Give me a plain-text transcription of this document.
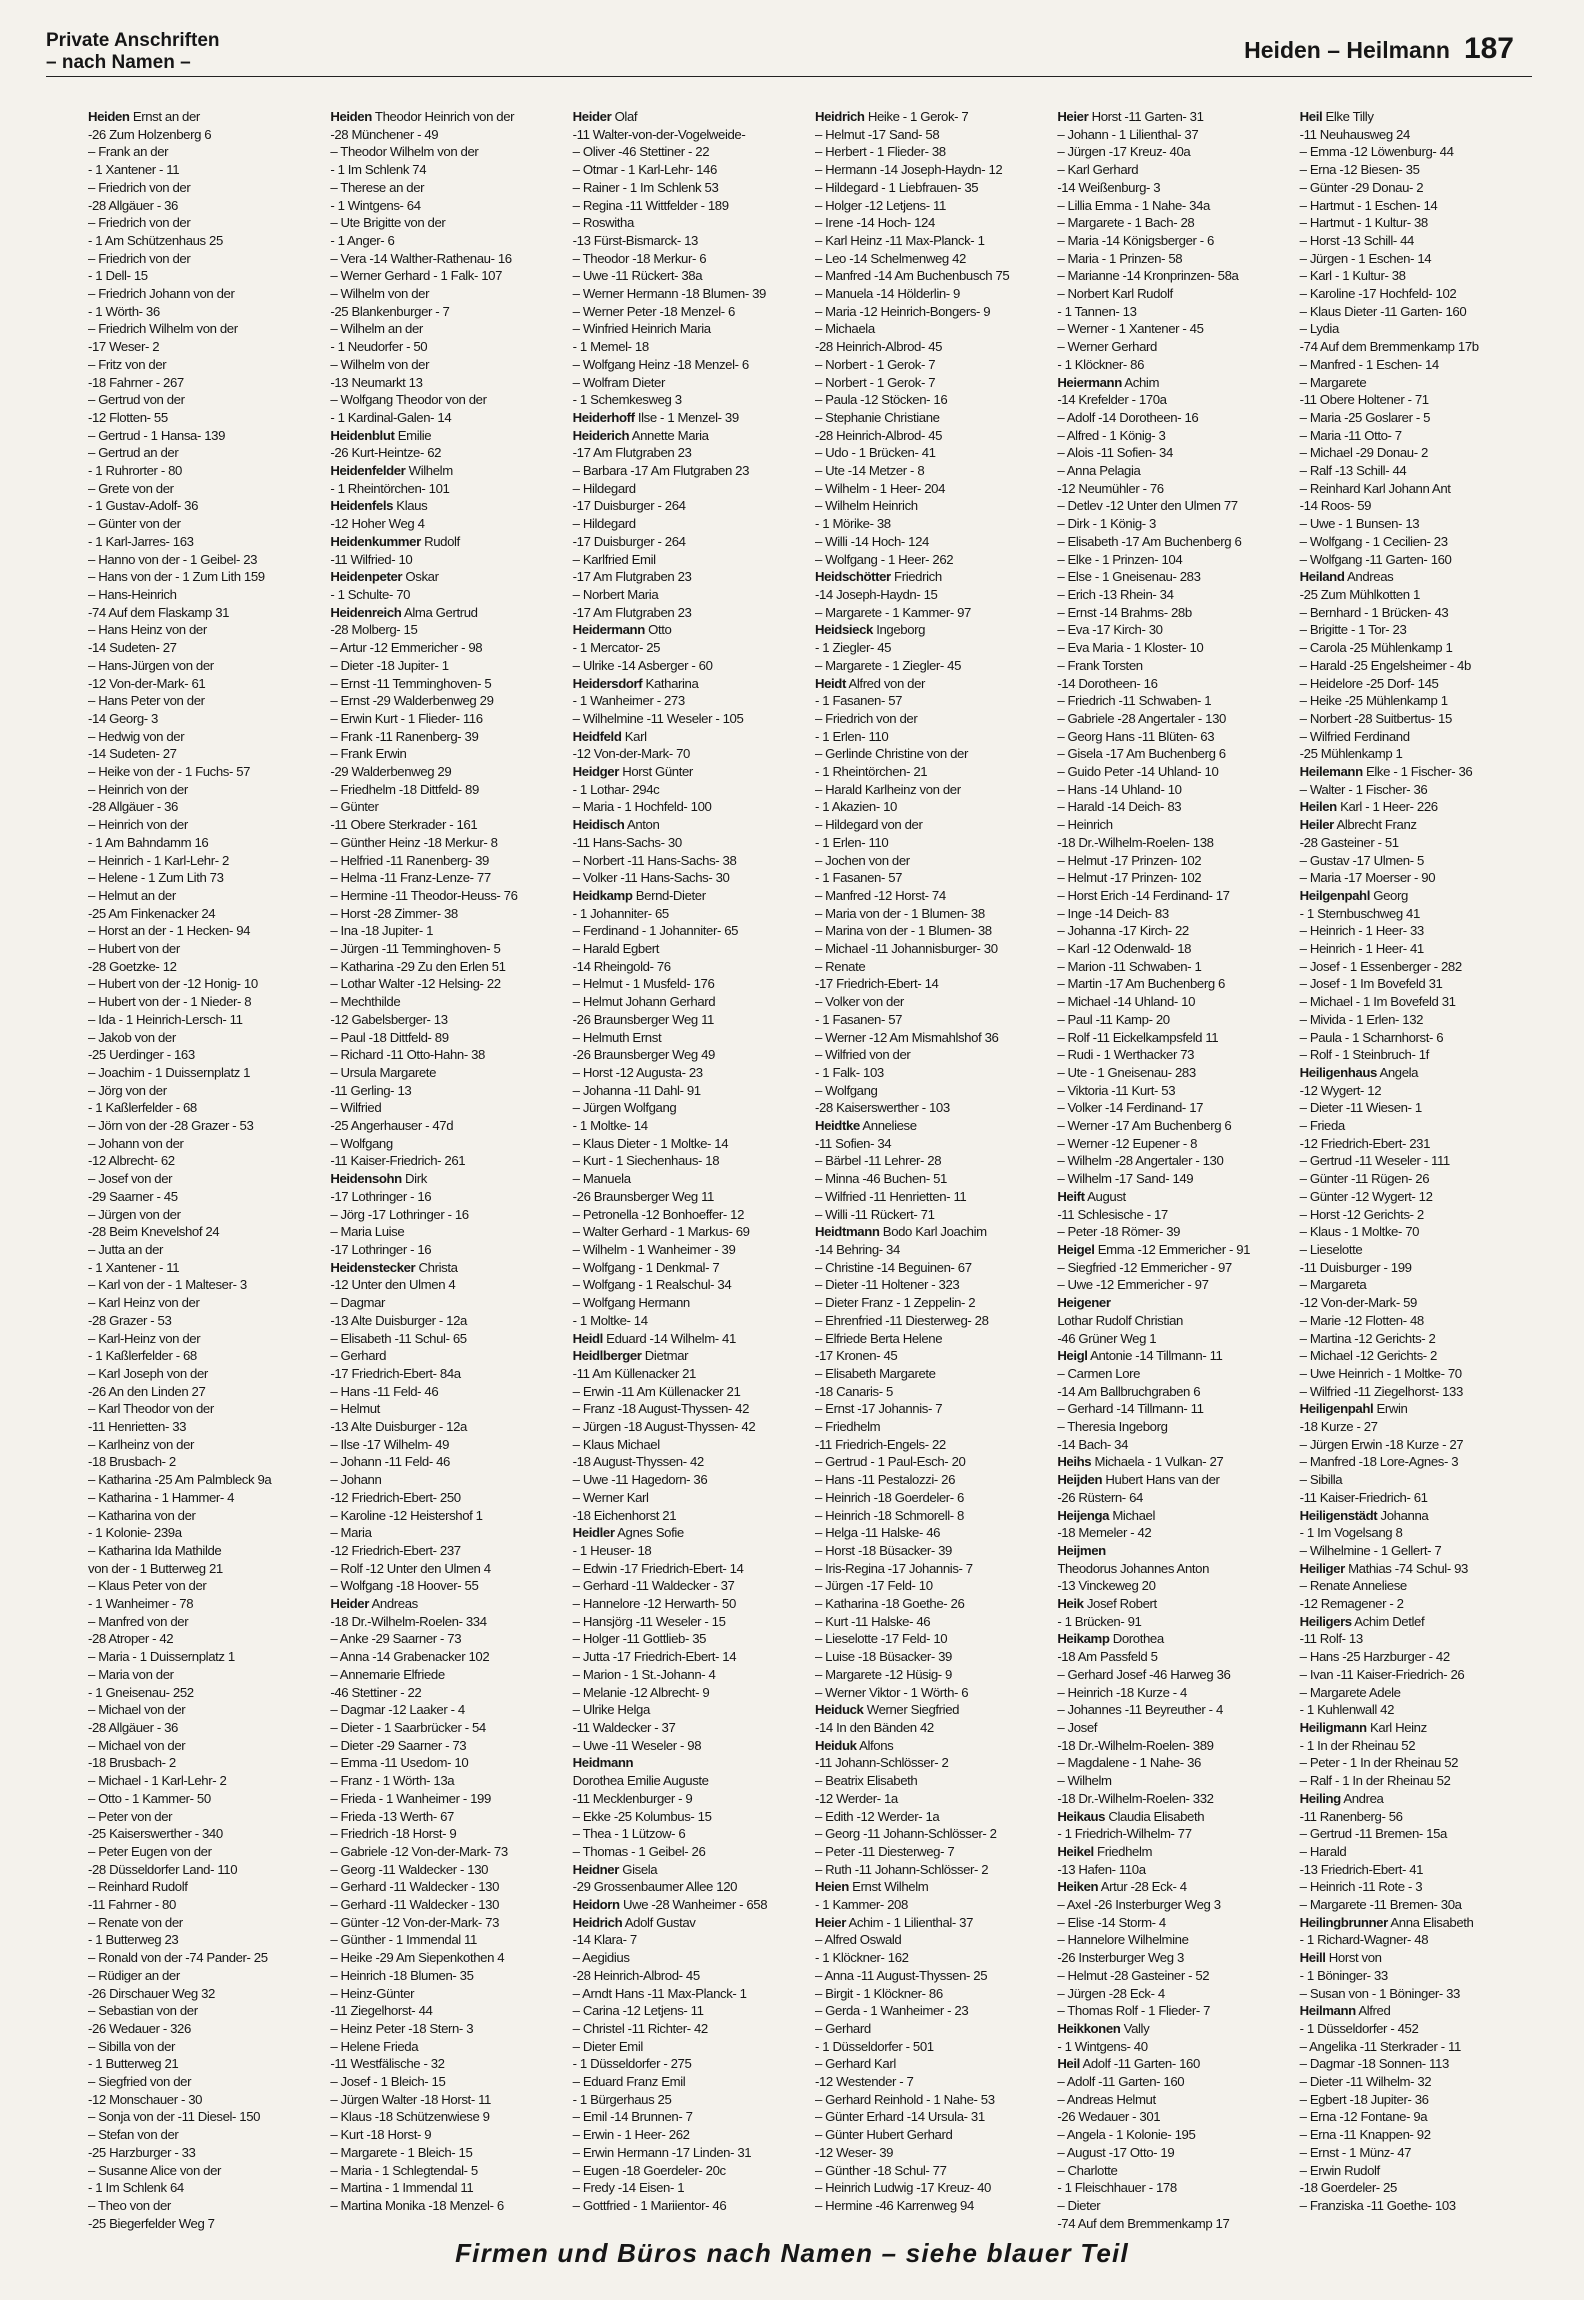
Private Anschriften
– nach Namen –	Heiden – Heilmann 187
Heiden Ernst an der
-26 Zum Holzenberg 6
– Frank an der
- 1 Xantener - 11
– Friedrich von der
-28 Allgäuer - 36
– Friedrich von der
- 1 Am Schützenhaus 25
– Friedrich von der
- 1 Dell- 15
– Friedrich Johann von der
- 1 Wörth- 36
– Friedrich Wilhelm von der
-17 Weser- 2
– Fritz von der
-18 Fahrner - 267
– Gertrud von der
-12 Flotten- 55
– Gertrud - 1 Hansa- 139
– Gertrud an der
- 1 Ruhrorter - 80
– Grete von der
- 1 Gustav-Adolf- 36
– Günter von der
- 1 Karl-Jarres- 163
– Hanno von der - 1 Geibel- 23
– Hans von der - 1 Zum Lith 159
– Hans-Heinrich
-74 Auf dem Flaskamp 31
– Hans Heinz von der
-14 Sudeten- 27
– Hans-Jürgen von der
-12 Von-der-Mark- 61
– Hans Peter von der
-14 Georg- 3
– Hedwig von der
-14 Sudeten- 27
– Heike von der - 1 Fuchs- 57
– Heinrich von der
-28 Allgäuer - 36
– Heinrich von der
- 1 Am Bahndamm 16
– Heinrich - 1 Karl-Lehr- 2
– Helene - 1 Zum Lith 73
– Helmut an der
-25 Am Finkenacker 24
– Horst an der - 1 Hecken- 94
– Hubert von der
-28 Goetzke- 12
– Hubert von der -12 Honig- 10
– Hubert von der - 1 Nieder- 8
– Ida - 1 Heinrich-Lersch- 11
– Jakob von der
-25 Uerdinger - 163
– Joachim - 1 Duissernplatz 1
– Jörg von der
- 1 Kaßlerfelder - 68
– Jörn von der -28 Grazer - 53
– Johann von der
-12 Albrecht- 62
– Josef von der
-29 Saarner - 45
– Jürgen von der
-28 Beim Knevelshof 24
– Jutta an der
- 1 Xantener - 11
– Karl von der - 1 Malteser- 3
– Karl Heinz von der
-28 Grazer - 53
– Karl-Heinz von der
- 1 Kaßlerfelder - 68
– Karl Joseph von der
-26 An den Linden 27
– Karl Theodor von der
-11 Henrietten- 33
– Karlheinz von der
-18 Brusbach- 2
– Katharina -25 Am Palmbleck 9a
– Katharina - 1 Hammer- 4
– Katharina von der
- 1 Kolonie- 239a
– Katharina Ida Mathilde
von der - 1 Butterweg 21
– Klaus Peter von der
- 1 Wanheimer - 78
– Manfred von der
-28 Atroper - 42
– Maria - 1 Duissernplatz 1
– Maria von der
- 1 Gneisenau- 252
– Michael von der
-28 Allgäuer - 36
– Michael von der
-18 Brusbach- 2
– Michael - 1 Karl-Lehr- 2
– Otto - 1 Kammer- 50
– Peter von der
-25 Kaiserswerther - 340
– Peter Eugen von der
-28 Düsseldorfer Land- 110
– Reinhard Rudolf
-11 Fahrner - 80
– Renate von der
- 1 Butterweg 23
– Ronald von der -74 Pander- 25
– Rüdiger an der
-26 Dirschauer Weg 32
– Sebastian von der
-26 Wedauer - 326
– Sibilla von der
- 1 Butterweg 21
– Siegfried von der
-12 Monschauer - 30
– Sonja von der -11 Diesel- 150
– Stefan von der
-25 Harzburger - 33
– Susanne Alice von der
- 1 Im Schlenk 64
– Theo von der
-25 Biegerfelder Weg 7
Heiden Theodor Heinrich von der
-28 Münchener - 49
– Theodor Wilhelm von der
- 1 Im Schlenk 74
– Therese an der
- 1 Wintgens- 64
– Ute Brigitte von der
- 1 Anger- 6
– Vera -14 Walther-Rathenau- 16
– Werner Gerhard - 1 Falk- 107
– Wilhelm von der
-25 Blankenburger - 7
– Wilhelm an der
- 1 Neudorfer - 50
– Wilhelm von der
-13 Neumarkt 13
– Wolfgang Theodor von der
- 1 Kardinal-Galen- 14
Heidenblut Emilie
-26 Kurt-Heintze- 62
Heidenfelder Wilhelm
- 1 Rheintörchen- 101
Heidenfels Klaus
-12 Hoher Weg 4
Heidenkummer Rudolf
-11 Wilfried- 10
Heidenpeter Oskar
- 1 Schulte- 70
Heidenreich Alma Gertrud
-28 Molberg- 15
– Artur -12 Emmericher - 98
– Dieter -18 Jupiter- 1
– Ernst -11 Temminghoven- 5
– Ernst -29 Walderbenweg 29
– Erwin Kurt - 1 Flieder- 116
– Frank -11 Ranenberg- 39
– Frank Erwin
-29 Walderbenweg 29
– Friedhelm -18 Dittfeld- 89
– Günter
-11 Obere Sterkrader - 161
– Günther Heinz -18 Merkur- 8
– Helfried -11 Ranenberg- 39
– Helma -11 Franz-Lenze- 77
– Hermine -11 Theodor-Heuss- 76
– Horst -28 Zimmer- 38
– Ina -18 Jupiter- 1
– Jürgen -11 Temminghoven- 5
– Katharina -29 Zu den Erlen 51
– Lothar Walter -12 Helsing- 22
– Mechthilde
-12 Gabelsberger- 13
– Paul -18 Dittfeld- 89
– Richard -11 Otto-Hahn- 38
– Ursula Margarete
-11 Gerling- 13
– Wilfried
-25 Angerhauser - 47d
– Wolfgang
-11 Kaiser-Friedrich- 261
Heidensohn Dirk
-17 Lothringer - 16
– Jörg -17 Lothringer - 16
– Maria Luise
-17 Lothringer - 16
Heidenstecker Christa
-12 Unter den Ulmen 4
– Dagmar
-13 Alte Duisburger - 12a
– Elisabeth -11 Schul- 65
– Gerhard
-17 Friedrich-Ebert- 84a
– Hans -11 Feld- 46
– Helmut
-13 Alte Duisburger - 12a
– Ilse -17 Wilhelm- 49
– Johann -11 Feld- 46
– Johann
-12 Friedrich-Ebert- 250
– Karoline -12 Heistershof 1
– Maria
-12 Friedrich-Ebert- 237
– Rolf -12 Unter den Ulmen 4
– Wolfgang -18 Hoover- 55
Heider Andreas
-18 Dr.-Wilhelm-Roelen- 334
– Anke -29 Saarner - 73
– Anna -14 Grabenacker 102
– Annemarie Elfriede
-46 Stettiner - 22
– Dagmar -12 Laaker - 4
– Dieter - 1 Saarbrücker - 54
– Dieter -29 Saarner - 73
– Emma -11 Usedom- 10
– Franz - 1 Wörth- 13a
– Frieda - 1 Wanheimer - 199
– Frieda -13 Werth- 67
– Friedrich -18 Horst- 9
– Gabriele -12 Von-der-Mark- 73
– Georg -11 Waldecker - 130
– Gerhard -11 Waldecker - 130
– Gerhard -11 Waldecker - 130
– Günter -12 Von-der-Mark- 73
– Günther - 1 Immendal 11
– Heike -29 Am Siepenkothen 4
– Heinrich -18 Blumen- 35
– Heinz-Günter
-11 Ziegelhorst- 44
– Heinz Peter -18 Stern- 3
– Helene Frieda
-11 Westfälische - 32
– Josef - 1 Bleich- 15
– Jürgen Walter -18 Horst- 11
– Klaus -18 Schützenwiese 9
– Kurt -18 Horst- 9
– Margarete - 1 Bleich- 15
– Maria - 1 Schlegtendal- 5
– Martina - 1 Immendal 11
– Martina Monika -18 Menzel- 6
Heider Olaf
-11 Walter-von-der-Vogelweide-
– Oliver -46 Stettiner - 22
– Otmar - 1 Karl-Lehr- 146
– Rainer - 1 Im Schlenk 53
– Regina -11 Wittfelder - 189
– Roswitha
-13 Fürst-Bismarck- 13
– Theodor -18 Merkur- 6
– Uwe -11 Rückert- 38a
– Werner Hermann -18 Blumen- 39
– Werner Peter -18 Menzel- 6
– Winfried Heinrich Maria
- 1 Memel- 18
– Wolfgang Heinz -18 Menzel- 6
– Wolfram Dieter
- 1 Schemkesweg 3
Heiderhoff Ilse - 1 Menzel- 39
Heiderich Annette Maria
-17 Am Flutgraben 23
– Barbara -17 Am Flutgraben 23
– Hildegard
-17 Duisburger - 264
– Hildegard
-17 Duisburger - 264
– Karlfried Emil
-17 Am Flutgraben 23
– Norbert Maria
-17 Am Flutgraben 23
Heidermann Otto
- 1 Mercator- 25
– Ulrike -14 Asberger - 60
Heidersdorf Katharina
- 1 Wanheimer - 273
– Wilhelmine -11 Weseler - 105
Heidfeld Karl
-12 Von-der-Mark- 70
Heidger Horst Günter
- 1 Lothar- 294c
– Maria - 1 Hochfeld- 100
Heidisch Anton
-11 Hans-Sachs- 30
– Norbert -11 Hans-Sachs- 38
– Volker -11 Hans-Sachs- 30
Heidkamp Bernd-Dieter
- 1 Johanniter- 65
– Ferdinand - 1 Johanniter- 65
– Harald Egbert
-14 Rheingold- 76
– Helmut - 1 Musfeld- 176
– Helmut Johann Gerhard
-26 Braunsberger Weg 11
– Helmuth Ernst
-26 Braunsberger Weg 49
– Horst -12 Augusta- 23
– Johanna -11 Dahl- 91
– Jürgen Wolfgang
- 1 Moltke- 14
– Klaus Dieter - 1 Moltke- 14
– Kurt - 1 Siechenhaus- 18
– Manuela
-26 Braunsberger Weg 11
– Petronella -12 Bonhoeffer- 12
– Walter Gerhard - 1 Markus- 69
– Wilhelm - 1 Wanheimer - 39
– Wolfgang - 1 Denkmal- 7
– Wolfgang - 1 Realschul- 34
– Wolfgang Hermann
- 1 Moltke- 14
Heidl Eduard -14 Wilhelm- 41
Heidlberger Dietmar
-11 Am Küllenacker 21
– Erwin -11 Am Küllenacker 21
– Franz -18 August-Thyssen- 42
– Jürgen -18 August-Thyssen- 42
– Klaus Michael
-18 August-Thyssen- 42
– Uwe -11 Hagedorn- 36
– Werner Karl
-18 Eichenhorst 21
Heidler Agnes Sofie
- 1 Heuser- 18
– Edwin -17 Friedrich-Ebert- 14
– Gerhard -11 Waldecker - 37
– Hannelore -12 Herwarth- 50
– Hansjörg -11 Weseler - 15
– Holger -11 Gottlieb- 35
– Jutta -17 Friedrich-Ebert- 14
– Marion - 1 St.-Johann- 4
– Melanie -12 Albrecht- 9
– Ulrike Helga
-11 Waldecker - 37
– Uwe -11 Weseler - 98
Heidmann
Dorothea Emilie Auguste
-11 Mecklenburger - 9
– Ekke -25 Kolumbus- 15
– Thea - 1 Lützow- 6
– Thomas - 1 Geibel- 26
Heidner Gisela
-29 Grossenbaumer Allee 120
Heidorn Uwe -28 Wanheimer - 658
Heidrich Adolf Gustav
-14 Klara- 7
– Aegidius
-28 Heinrich-Albrod- 45
– Arndt Hans -11 Max-Planck- 1
– Carina -12 Letjens- 11
– Christel -11 Richter- 42
– Dieter Emil
- 1 Düsseldorfer - 275
– Eduard Franz Emil
- 1 Bürgerhaus 25
– Emil -14 Brunnen- 7
– Erwin - 1 Heer- 262
– Erwin Hermann -17 Linden- 31
– Eugen -18 Goerdeler- 20c
– Fredy -14 Eisen- 1
– Gottfried - 1 Mariientor- 46
Heidrich Heike - 1 Gerok- 7
– Helmut -17 Sand- 58
– Herbert - 1 Flieder- 38
– Hermann -14 Joseph-Haydn- 12
– Hildegard - 1 Liebfrauen- 35
– Holger -12 Letjens- 11
– Irene -14 Hoch- 124
– Karl Heinz -11 Max-Planck- 1
– Leo -14 Schelmenweg 42
– Manfred -14 Am Buchenbusch 75
– Manuela -14 Hölderlin- 9
– Maria -12 Heinrich-Bongers- 9
– Michaela
-28 Heinrich-Albrod- 45
– Norbert - 1 Gerok- 7
– Norbert - 1 Gerok- 7
– Paula -12 Stöcken- 16
– Stephanie Christiane
-28 Heinrich-Albrod- 45
– Udo - 1 Brücken- 41
– Ute -14 Metzer - 8
– Wilhelm - 1 Heer- 204
– Wilhelm Heinrich
- 1 Mörike- 38
– Willi -14 Hoch- 124
– Wolfgang - 1 Heer- 262
Heidschötter Friedrich
-14 Joseph-Haydn- 15
– Margarete - 1 Kammer- 97
Heidsieck Ingeborg
- 1 Ziegler- 45
– Margarete - 1 Ziegler- 45
Heidt Alfred von der
- 1 Fasanen- 57
– Friedrich von der
- 1 Erlen- 110
– Gerlinde Christine von der
- 1 Rheintörchen- 21
– Harald Karlheinz von der
- 1 Akazien- 10
– Hildegard von der
- 1 Erlen- 110
– Jochen von der
- 1 Fasanen- 57
– Manfred -12 Horst- 74
– Maria von der - 1 Blumen- 38
– Marina von der - 1 Blumen- 38
– Michael -11 Johannisburger- 30
– Renate
-17 Friedrich-Ebert- 14
– Volker von der
- 1 Fasanen- 57
– Werner -12 Am Mismahlshof 36
– Wilfried von der
- 1 Falk- 103
– Wolfgang
-28 Kaiserswerther - 103
Heidtke Anneliese
-11 Sofien- 34
– Bärbel -11 Lehrer- 28
– Minna -46 Buchen- 51
– Wilfried -11 Henrietten- 11
– Willi -11 Rückert- 71
Heidtmann Bodo Karl Joachim
-14 Behring- 34
– Christine -14 Beguinen- 67
– Dieter -11 Holtener - 323
– Dieter Franz - 1 Zeppelin- 2
– Ehrenfried -11 Diesterweg- 28
– Elfriede Berta Helene
-17 Kronen- 45
– Elisabeth Margarete
-18 Canaris- 5
– Ernst -17 Johannis- 7
– Friedhelm
-11 Friedrich-Engels- 22
– Gertrud - 1 Paul-Esch- 20
– Hans -11 Pestalozzi- 26
– Heinrich -18 Goerdeler- 6
– Heinrich -18 Schmorell- 8
– Helga -11 Halske- 46
– Horst -18 Büsacker- 39
– Iris-Regina -17 Johannis- 7
– Jürgen -17 Feld- 10
– Katharina -18 Goethe- 26
– Kurt -11 Halske- 46
– Lieselotte -17 Feld- 10
– Luise -18 Büsacker- 39
– Margarete -12 Hüsig- 9
– Werner Viktor - 1 Wörth- 6
Heiduck Werner Siegfried
-14 In den Bänden 42
Heiduk Alfons
-11 Johann-Schlösser- 2
– Beatrix Elisabeth
-12 Werder- 1a
– Edith -12 Werder- 1a
– Georg -11 Johann-Schlösser- 2
– Peter -11 Diesterweg- 7
– Ruth -11 Johann-Schlösser- 2
Heien Ernst Wilhelm
- 1 Kammer- 208
Heier Achim - 1 Lilienthal- 37
– Alfred Oswald
- 1 Klöckner- 162
– Anna -11 August-Thyssen- 25
– Birgit - 1 Klöckner- 86
– Gerda - 1 Wanheimer - 23
– Gerhard
- 1 Düsseldorfer - 501
– Gerhard Karl
-12 Westender - 7
– Gerhard Reinhold - 1 Nahe- 53
– Günter Erhard -14 Ursula- 31
– Günter Hubert Gerhard
-12 Weser- 39
– Günther -18 Schul- 77
– Heinrich Ludwig -17 Kreuz- 40
– Hermine -46 Karrenweg 94
Heier Horst -11 Garten- 31
– Johann - 1 Lilienthal- 37
– Jürgen -17 Kreuz- 40a
– Karl Gerhard
-14 Weißenburg- 3
– Lillia Emma - 1 Nahe- 34a
– Margarete - 1 Bach- 28
– Maria -14 Königsberger - 6
– Maria - 1 Prinzen- 58
– Marianne -14 Kronprinzen- 58a
– Norbert Karl Rudolf
- 1 Tannen- 13
– Werner - 1 Xantener - 45
– Werner Gerhard
- 1 Klöckner- 86
Heiermann Achim
-14 Krefelder - 170a
– Adolf -14 Dorotheen- 16
– Alfred - 1 König- 3
– Alois -11 Sofien- 34
– Anna Pelagia
-12 Neumühler - 76
– Detlev -12 Unter den Ulmen 77
– Dirk - 1 König- 3
– Elisabeth -17 Am Buchenberg 6
– Elke - 1 Prinzen- 104
– Else - 1 Gneisenau- 283
– Erich -13 Rhein- 34
– Ernst -14 Brahms- 28b
– Eva -17 Kirch- 30
– Eva Maria - 1 Kloster- 10
– Frank Torsten
-14 Dorotheen- 16
– Friedrich -11 Schwaben- 1
– Gabriele -28 Angertaler - 130
– Georg Hans -11 Blüten- 63
– Gisela -17 Am Buchenberg 6
– Guido Peter -14 Uhland- 10
– Hans -14 Uhland- 10
– Harald -14 Deich- 83
– Heinrich
-18 Dr.-Wilhelm-Roelen- 138
– Helmut -17 Prinzen- 102
– Helmut -17 Prinzen- 102
– Horst Erich -14 Ferdinand- 17
– Inge -14 Deich- 83
– Johanna -17 Kirch- 22
– Karl -12 Odenwald- 18
– Marion -11 Schwaben- 1
– Martin -17 Am Buchenberg 6
– Michael -14 Uhland- 10
– Paul -11 Kamp- 20
– Rolf -11 Eickelkampsfeld 11
– Rudi - 1 Werthacker 73
– Ute - 1 Gneisenau- 283
– Viktoria -11 Kurt- 53
– Volker -14 Ferdinand- 17
– Werner -17 Am Buchenberg 6
– Werner -12 Eupener - 8
– Wilhelm -28 Angertaler - 130
– Wilhelm -17 Sand- 149
Heift August
-11 Schlesische - 17
– Peter -18 Römer- 39
Heigel Emma -12 Emmericher - 91
– Siegfried -12 Emmericher - 97
– Uwe -12 Emmericher - 97
Heigener
Lothar Rudolf Christian
-46 Grüner Weg 1
Heigl Antonie -14 Tillmann- 11
– Carmen Lore
-14 Am Ballbruchgraben 6
– Gerhard -14 Tillmann- 11
– Theresia Ingeborg
-14 Bach- 34
Heihs Michaela - 1 Vulkan- 27
Heijden Hubert Hans van der
-26 Rüstern- 64
Heijenga Michael
-18 Memeler - 42
Heijmen
Theodorus Johannes Anton
-13 Vinckeweg 20
Heik Josef Robert
- 1 Brücken- 91
Heikamp Dorothea
-18 Am Passfeld 5
– Gerhard Josef -46 Harweg 36
– Heinrich -18 Kurze - 4
– Johannes -11 Beyreuther - 4
– Josef
-18 Dr.-Wilhelm-Roelen- 389
– Magdalene - 1 Nahe- 36
– Wilhelm
-18 Dr.-Wilhelm-Roelen- 332
Heikaus Claudia Elisabeth
- 1 Friedrich-Wilhelm- 77
Heikel Friedhelm
-13 Hafen- 110a
Heiken Artur -28 Eck- 4
– Axel -26 Insterburger Weg 3
– Elise -14 Storm- 4
– Hannelore Wilhelmine
-26 Insterburger Weg 3
– Helmut -28 Gasteiner - 52
– Jürgen -28 Eck- 4
– Thomas Rolf - 1 Flieder- 7
Heikkonen Vally
- 1 Wintgens- 40
Heil Adolf -11 Garten- 160
– Adolf -11 Garten- 160
– Andreas Helmut
-26 Wedauer - 301
– Angela - 1 Kolonie- 195
– August -17 Otto- 19
– Charlotte
- 1 Fleischhauer - 178
– Dieter
-74 Auf dem Bremmenkamp 17
Heil Elke Tilly
-11 Neuhausweg 24
– Emma -12 Löwenburg- 44
– Erna -12 Biesen- 35
– Günter -29 Donau- 2
– Hartmut - 1 Eschen- 14
– Hartmut - 1 Kultur- 38
– Horst -13 Schill- 44
– Jürgen - 1 Eschen- 14
– Karl - 1 Kultur- 38
– Karoline -17 Hochfeld- 102
– Klaus Dieter -11 Garten- 160
– Lydia
-74 Auf dem Bremmenkamp 17b
– Manfred - 1 Eschen- 14
– Margarete
-11 Obere Holtener - 71
– Maria -25 Goslarer - 5
– Maria -11 Otto- 7
– Michael -29 Donau- 2
– Ralf -13 Schill- 44
– Reinhard Karl Johann Ant
-14 Roos- 59
– Uwe - 1 Bunsen- 13
– Wolfgang - 1 Cecilien- 23
– Wolfgang -11 Garten- 160
Heiland Andreas
-25 Zum Mühlkotten 1
– Bernhard - 1 Brücken- 43
– Brigitte - 1 Tor- 23
– Carola -25 Mühlenkamp 1
– Harald -25 Engelsheimer - 4b
– Heidelore -25 Dorf- 145
– Heike -25 Mühlenkamp 1
– Norbert -28 Suitbertus- 15
– Wilfried Ferdinand
-25 Mühlenkamp 1
Heilemann Elke - 1 Fischer- 36
– Walter - 1 Fischer- 36
Heilen Karl - 1 Heer- 226
Heiler Albrecht Franz
-28 Gasteiner - 51
– Gustav -17 Ulmen- 5
– Maria -17 Moerser - 90
Heilgenpahl Georg
- 1 Sternbuschweg 41
– Heinrich - 1 Heer- 33
– Heinrich - 1 Heer- 41
– Josef - 1 Essenberger - 282
– Josef - 1 Im Bovefeld 31
– Michael - 1 Im Bovefeld 31
– Mivida - 1 Erlen- 132
– Paula - 1 Scharnhorst- 6
– Rolf - 1 Steinbruch- 1f
Heiligenhaus Angela
-12 Wygert- 12
– Dieter -11 Wiesen- 1
– Frieda
-12 Friedrich-Ebert- 231
– Gertrud -11 Weseler - 111
– Günter -11 Rügen- 26
– Günter -12 Wygert- 12
– Horst -12 Gerichts- 2
– Klaus - 1 Moltke- 70
– Lieselotte
-11 Duisburger - 199
– Margareta
-12 Von-der-Mark- 59
– Marie -12 Flotten- 48
– Martina -12 Gerichts- 2
– Michael -12 Gerichts- 2
– Uwe Heinrich - 1 Moltke- 70
– Wilfried -11 Ziegelhorst- 133
Heiligenpahl Erwin
-18 Kurze - 27
– Jürgen Erwin -18 Kurze - 27
– Manfred -18 Lore-Agnes- 3
– Sibilla
-11 Kaiser-Friedrich- 61
Heiligenstädt Johanna
- 1 Im Vogelsang 8
– Wilhelmine - 1 Gellert- 7
Heiliger Mathias -74 Schul- 93
– Renate Anneliese
-12 Remagener - 2
Heiligers Achim Detlef
-11 Rolf- 13
– Hans -25 Harzburger - 42
– Ivan -11 Kaiser-Friedrich- 26
– Margarete Adele
- 1 Kuhlenwall 42
Heiligmann Karl Heinz
- 1 In der Rheinau 52
– Peter - 1 In der Rheinau 52
– Ralf - 1 In der Rheinau 52
Heiling Andrea
-11 Ranenberg- 56
– Gertrud -11 Bremen- 15a
– Harald
-13 Friedrich-Ebert- 41
– Heinrich -11 Rote - 3
– Margarete -11 Bremen- 30a
Heilingbrunner Anna Elisabeth
- 1 Richard-Wagner- 48
Heill Horst von
- 1 Böninger- 33
– Susan von - 1 Böninger- 33
Heilmann Alfred
- 1 Düsseldorfer - 452
– Angelika -11 Sterkrader - 11
– Dagmar -18 Sonnen- 113
– Dieter -11 Wilhelm- 32
– Egbert -18 Jupiter- 36
– Erna -12 Fontane- 9a
– Erna -11 Knappen- 92
– Ernst - 1 Münz- 47
– Erwin Rudolf
-18 Goerdeler- 25
– Franziska -11 Goethe- 103
Firmen und Büros nach Namen – siehe blauer Teil
